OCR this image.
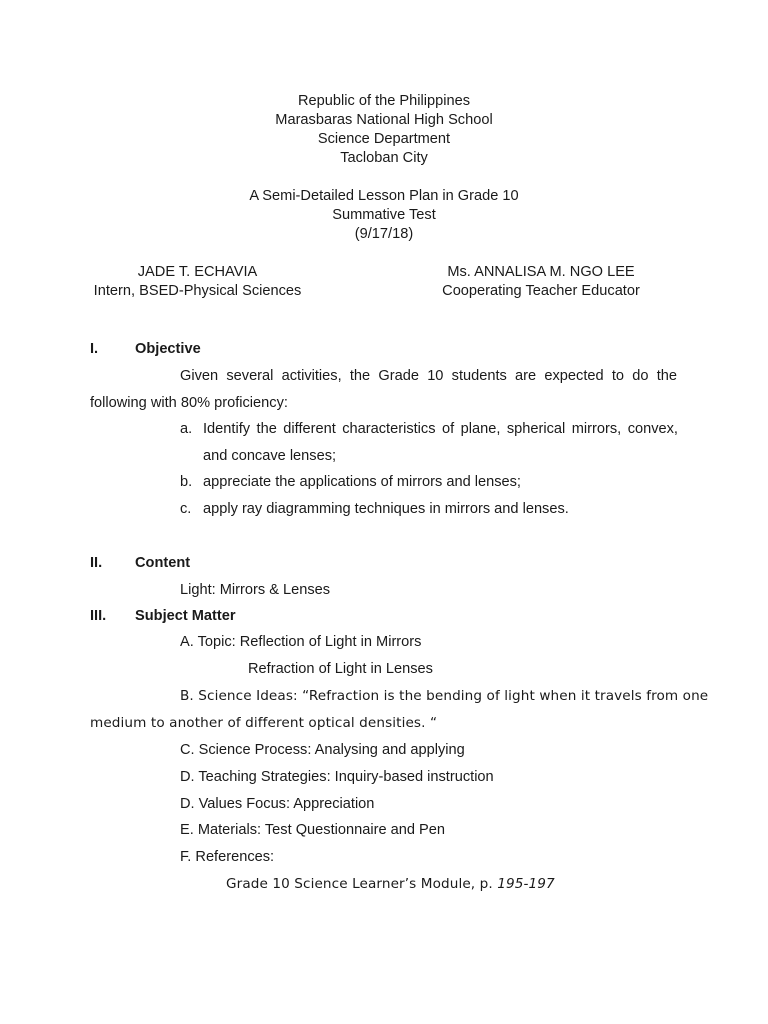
Republic of the Philippines
Marasbaras National High School
Science Department
Tacloban City
A Semi-Detailed Lesson Plan in Grade 10
Summative Test
(9/17/18)
JADE T. ECHAVIA
Intern, BSED-Physical Sciences
Ms. ANNALISA M. NGO LEE
Cooperating Teacher Educator
I.	Objective
Given several activities, the Grade 10 students are expected to do the
following with 80% proficiency:
a. Identify the different characteristics of plane, spherical mirrors, convex,
and concave lenses;
b. appreciate the applications of mirrors and lenses;
c. apply ray diagramming techniques in mirrors and lenses.
II. Content
Light: Mirrors & Lenses
III. Subject Matter
A. Topic: Reflection of Light in Mirrors
Refraction of Light in Lenses
B. Science Ideas: “Refraction is the bending of light when it travels from one
medium to another of different optical densities. “
C. Science Process: Analysing and applying
D. Teaching Strategies: Inquiry-based instruction
D. Values Focus: Appreciation
E. Materials: Test Questionnaire and Pen
F. References:
Grade 10 Science Learner’s Module, p. 195-197
